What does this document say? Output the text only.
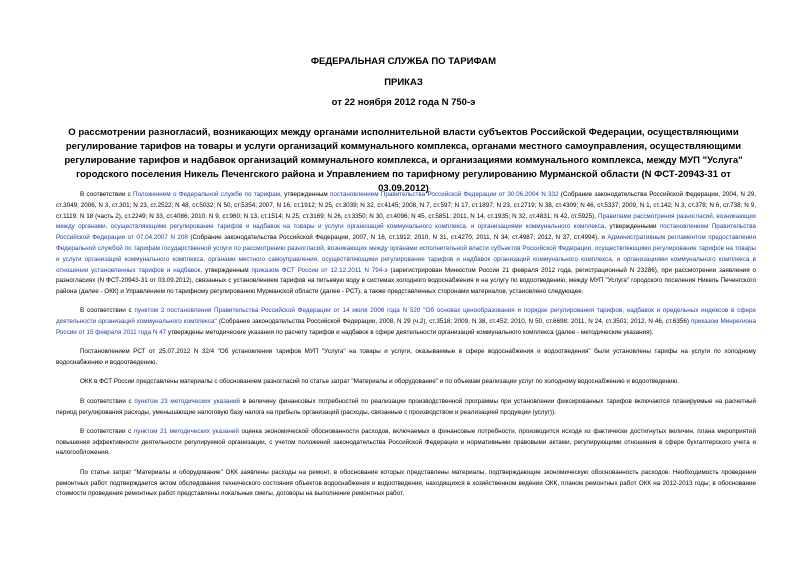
ФЕДЕРАЛЬНАЯ СЛУЖБА ПО ТАРИФАМ
ПРИКАЗ
от 22 ноября 2012 года N 750-э
О рассмотрении разногласий, возникающих между органами исполнительной власти субъектов Российской Федерации, осуществляющими регулирование тарифов на товары и услуги организаций коммунального комплекса, органами местного самоуправления, осуществляющими регулирование тарифов и надбавок организаций коммунального комплекса, и организациями коммунального комплекса, между МУП "Услуга" городского поселения Никель Печенгского района и Управлением по тарифному регулированию Мурманской области (N ФСТ-20943-31 от 03.09.2012)

В соответствии с Положением о Федеральной службе по тарифам, утвержденным постановлением Правительства Российской Федерации от 30.06.2004 N 332 (Собрание законодательства Российской Федерации, 2004, N 29, ст.3049; 2006, N 3, ст.301; N 23, ст.2522; N 48, ст.5032; N 50, ст.5354; 2007, N 16, ст.1912; N 25, ст.3039; N 32, ст.4145; 2008, N 7, ст.597; N 17, ст.1897; N 23, ст.2719; N 38, ст.4309; N 46, ст.5337; 2009, N 1, ст.142; N 3, ст.378; N 6, ст.738; N 9, ст.1119; N 18 (часть 2), ст.2249; N 33, ст.4086; 2010, N 9, ст.960; N 13, ст.1514; N 25, ст.3169; N 26, ст.3350; N 30, ст.4096; N 45, ст.5851; 2011, N 14, ст.1935; N 32, ст.4831; N 42, ст.5925), Правилами рассмотрения разногласий, возникающих между органами, осуществляющими регулирование тарифов и надбавок на товары и услуги организаций коммунального комплекса, и организациями коммунального комплекса, утвержденными постановлением Правительства Российской Федерации от 07.04.2007 N 208 (Собрание законодательства Российской Федерации, 2007, N 16, ст.1912; 2010, N 31, ст.4270; 2011, N 34, ст.4987; 2012, N 37, ст.4994), и Административным регламентом предоставления Федеральной службой по тарифам государственной услуги по рассмотрению разногласий, возникающих между органами исполнительной власти субъектов Российской Федерации, осуществляющими регулирование тарифов на товары и услуги организаций коммунального комплекса, органами местного самоуправления, осуществляющими регулирование тарифов и надбавок организаций коммунального комплекса, и организациями коммунального комплекса в отношении установленных тарифов и надбавок, утвержденным приказом ФСТ России от 12.12.2011 N 794-э (зарегистрирован Минюстом России 21 февраля 2012 года, регистрационный N 23286), при рассмотрении заявления о разногласиях (N ФСТ-20943-31 от 03.09.2012), связанных с установлением тарифов на питьевую воду в системах холодного водоснабжения и на услугу по водоотведению, между МУП "Услуга" городского поселения Никель Печенгского района (далее - ОКК) и Управлением по тарифному регулированию Мурманской области (далее - РСТ), а также представленных сторонами материалов, установлено следующее.

В соответствии с пунктом 2 постановления Правительства Российской Федерации от 14 июля 2008 года N 520 "Об основах ценообразования и порядке регулирования тарифов, надбавок и предельных индексов в сфере деятельности организаций коммунального комплекса" (Собрание законодательства Российской Федерации, 2008, N 29 (ч.2), ст.3518; 2009, N 38, ст.452; 2010, N 50, ст.6698; 2011, N 24, ст.3501; 2012, N 46, ст.6356) приказом Минрегиона России от 15 февраля 2011 года N 47 утверждены методические указания по расчету тарифов и надбавок в сфере деятельности организаций коммунального комплекса (далее - методические указания).

Постановлением РСТ от 25.07.2012 N 32/4 "Об установлении тарифов МУП "Услуга" на товары и услуги, оказываемые в сфере водоснабжения и водоотведения" были установлены тарифы на услуги по холодному водоснабжению и водоотведению.

ОКК в ФСТ России представлены материалы с обоснованием разногласий по статье затрат "Материалы и оборудование" и по объемам реализации услуг по холодному водоснабжению и водоотведению.

В соответствии с пунктом 23 методических указаний в величину финансовых потребностей по реализации производственной программы при установлении фиксированных тарифов включаются планируемые на расчетный период регулирования расходы, уменьшающие налоговую базу налога на прибыль организаций (расходы, связанные с производством и реализацией продукции (услуг)).

В соответствии с пунктом 21 методических указаний оценка экономической обоснованности расходов, включаемых в финансовые потребности, производится исходя из фактически достигнутых величин, плана мероприятий повышения эффективности деятельности регулируемой организации, с учетом положений законодательства Российской Федерации и нормативными правовыми актами, регулирующими отношения в сфере бухгалтерского учета и налогообложения.

По статье затрат "Материалы и оборудование" ОКК заявлены расходы на ремонт, в обоснование которых представлены материалы, подтверждающие экономическую обоснованность расходов. Необходимость проведения ремонтных работ подтверждается актом обследования технического состояния объектов водоснабжения и водоотведения, находящихся в хозяйственном ведении ОКК, планом ремонтных работ ОКК на 2012-2013 годы; в обоснование стоимости проведения ремонтных работ представлены локальные сметы, договоры на выполнение ремонтных работ.
